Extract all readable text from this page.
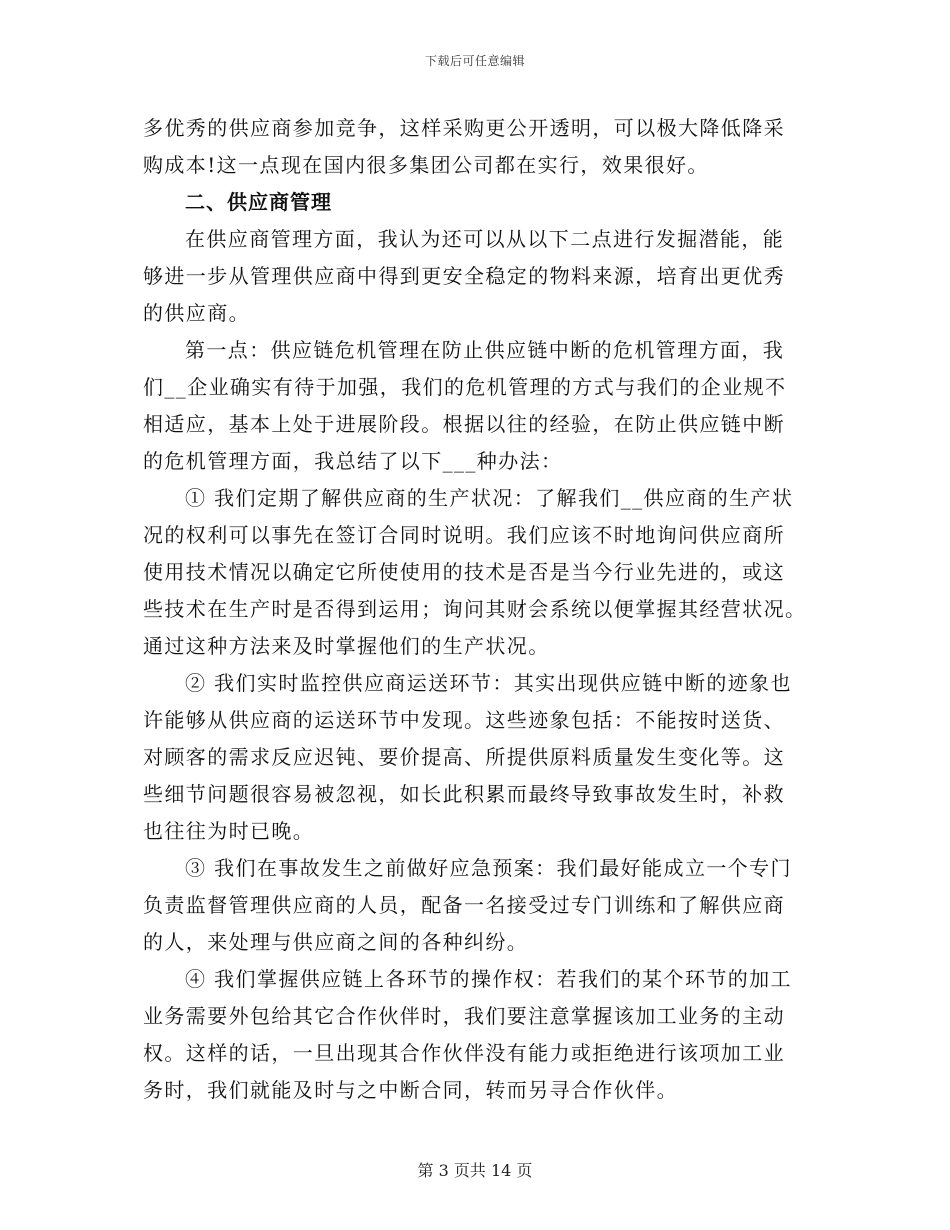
下载后可任意编辑
多优秀的供应商参加竞争，这样采购更公开透明，可以极大降低降采
购成本!这一点现在国内很多集团公司都在实行，效果很好。
二、供应商管理
在供应商管理方面，我认为还可以从以下二点进行发掘潜能，能
够进一步从管理供应商中得到更安全稳定的物料来源，培育出更优秀
的供应商。
第一点：供应链危机管理在防止供应链中断的危机管理方面，我
们__企业确实有待于加强，我们的危机管理的方式与我们的企业规不
相适应，基本上处于进展阶段。根据以往的经验，在防止供应链中断
的危机管理方面，我总结了以下___种办法：
① 我们定期了解供应商的生产状况：了解我们__供应商的生产状
况的权利可以事先在签订合同时说明。我们应该不时地询问供应商所
使用技术情况以确定它所使使用的技术是否是当今行业先进的，或这
些技术在生产时是否得到运用；询问其财会系统以便掌握其经营状况。
通过这种方法来及时掌握他们的生产状况。
② 我们实时监控供应商运送环节：其实出现供应链中断的迹象也
许能够从供应商的运送环节中发现。这些迹象包括：不能按时送货、
对顾客的需求反应迟钝、要价提高、所提供原料质量发生变化等。这
些细节问题很容易被忽视，如长此积累而最终导致事故发生时，补救
也往往为时已晚。
③ 我们在事故发生之前做好应急预案：我们最好能成立一个专门
负责监督管理供应商的人员，配备一名接受过专门训练和了解供应商
的人，来处理与供应商之间的各种纠纷。
④ 我们掌握供应链上各环节的操作权：若我们的某个环节的加工
业务需要外包给其它合作伙伴时，我们要注意掌握该加工业务的主动
权。这样的话，一旦出现其合作伙伴没有能力或拒绝进行该项加工业
务时，我们就能及时与之中断合同，转而另寻合作伙伴。
第 3 页共 14 页
